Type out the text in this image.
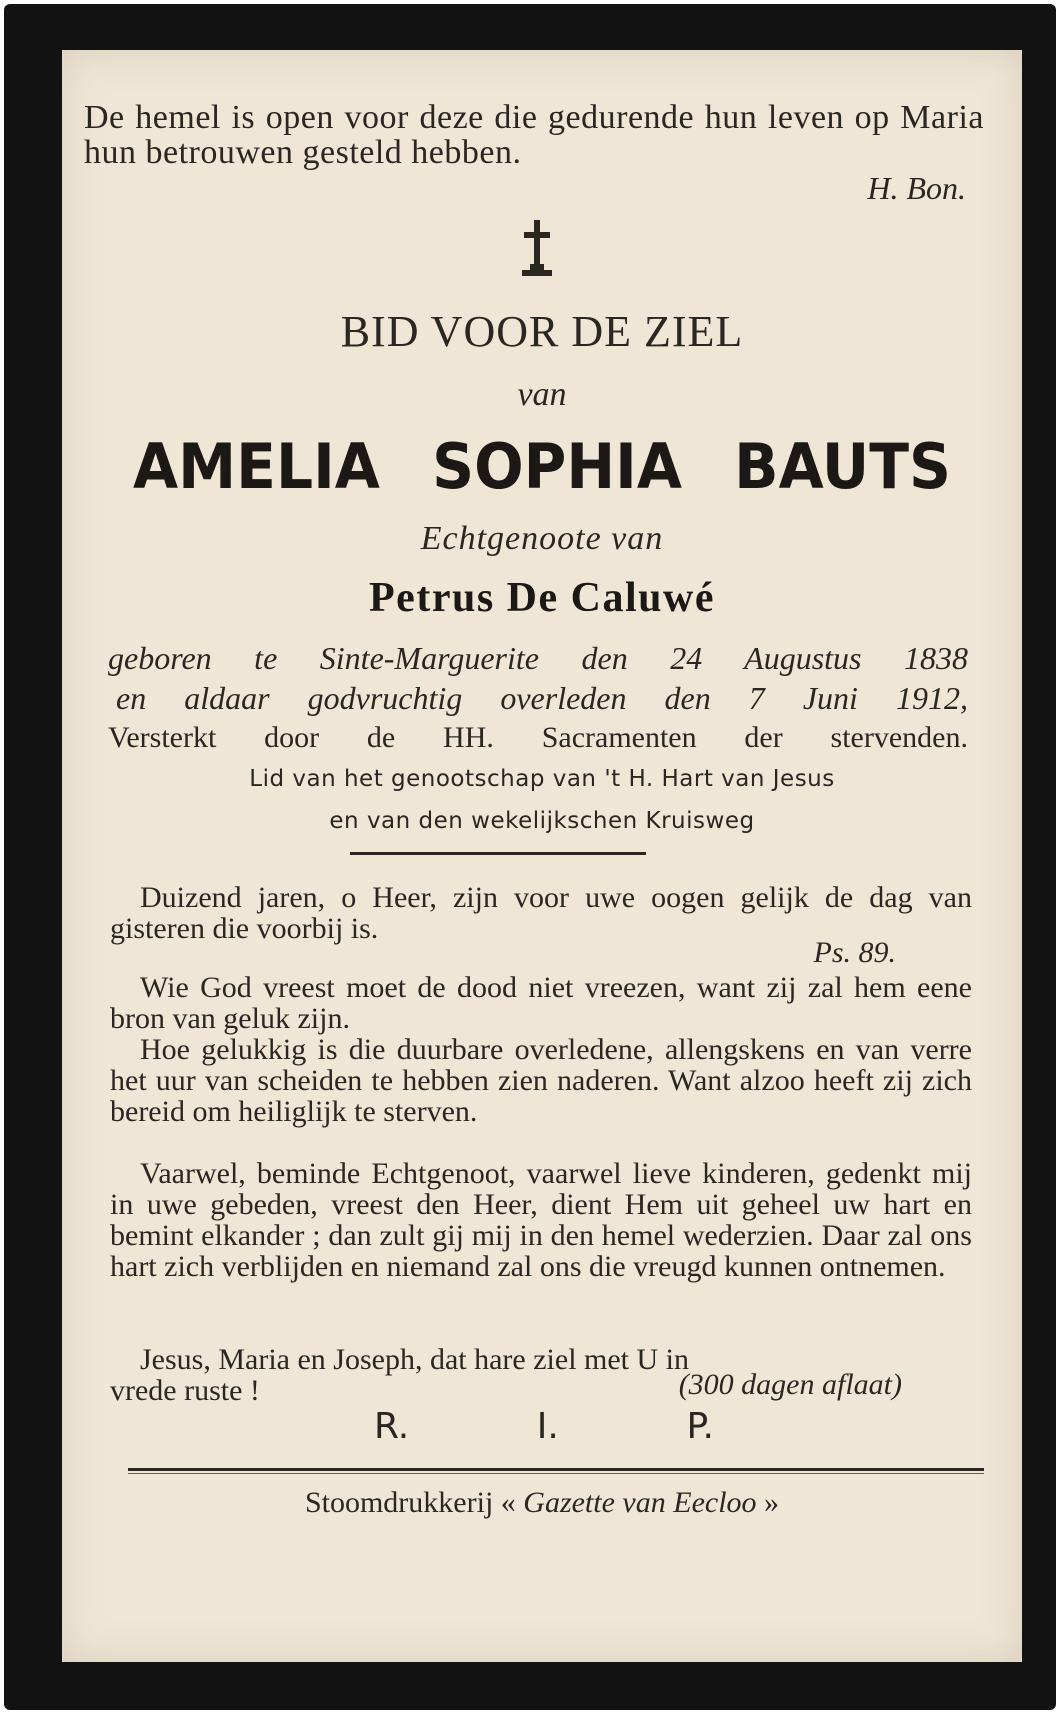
De hemel is open voor deze die gedurende hun leven op Maria hun betrouwen gesteld hebben.
H. Bon.
BID VOOR DE ZIEL
van
AMELIA SOPHIA BAUTS
Echtgenoote van
Petrus De Caluwé
geboren te Sinte-Marguerite den 24 Augustus 1838
en aldaar godvruchtig overleden den 7 Juni 1912,
Versterkt door de HH. Sacramenten der stervenden.
Lid van het genootschap van 't H. Hart van Jesus
en van den wekelijkschen Kruisweg
Duizend jaren, o Heer, zijn voor uwe oogen gelijk de dag van gisteren die voorbij is.
Ps. 89.
Wie God vreest moet de dood niet vreezen, want zij zal hem eene bron van geluk zijn.
Hoe gelukkig is die duurbare overledene, allengskens en van verre het uur van scheiden te hebben zien naderen. Want alzoo heeft zij zich bereid om heiliglijk te sterven.
Vaarwel, beminde Echtgenoot, vaarwel lieve kinderen, gedenkt mij in uwe gebeden, vreest den Heer, dient Hem uit geheel uw hart en bemint elkander ; dan zult gij mij in den hemel wederzien. Daar zal ons hart zich verblijden en niemand zal ons die vreugd kunnen ontnemen.
Jesus, Maria en Joseph, dat hare ziel met U in vrede ruste !	(300 dagen aflaat)
R.	I.	P.
Stoomdrukkerij « Gazette van Eecloo »
